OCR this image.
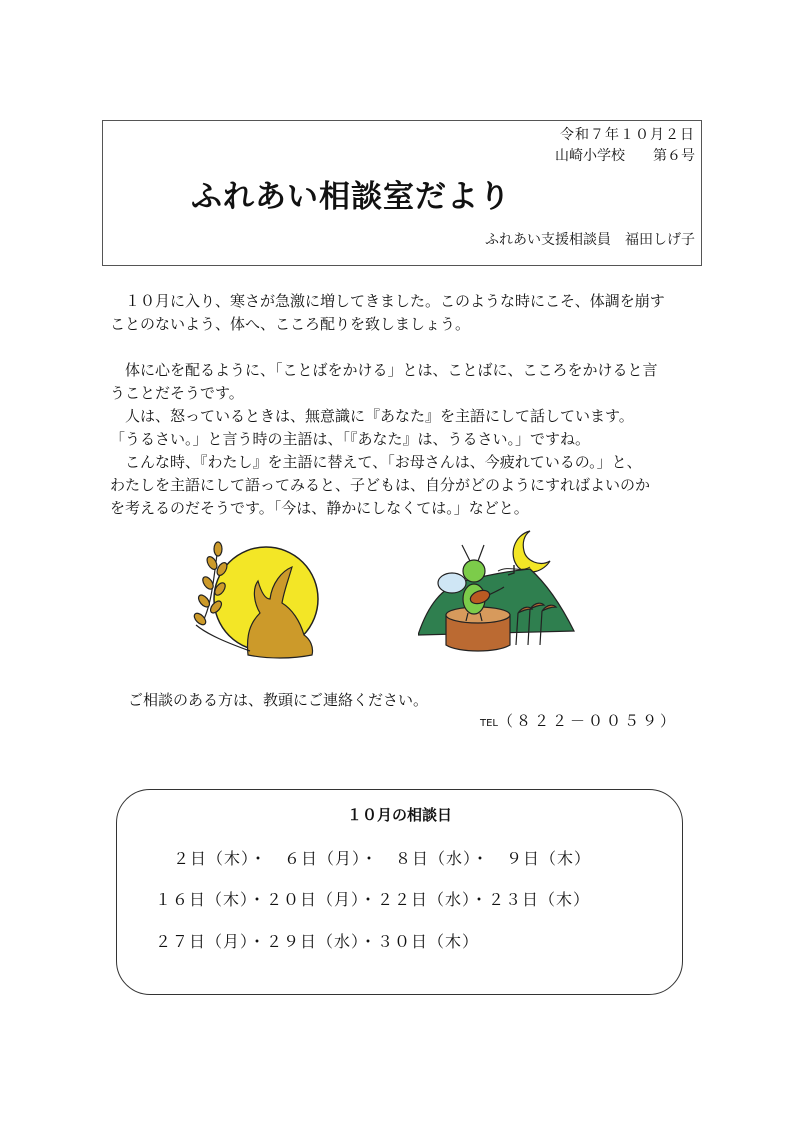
令和７年１０月２日
山崎小学校　　第６号
ふれあい相談室だより
ふれあい支援相談員　福田しげ子

　１０月に入り、寒さが急激に増してきました。このような時にこそ、体調を崩す

ことのないよう、体へ、こころ配りを致しましょう。

　体に心を配るように、「ことばをかける」とは、ことばに、こころをかけると言

うことだそうです。

　人は、怒っているときは、無意識に『あなた』を主語にして話しています。

「うるさい。」と言う時の主語は、「『あなた』は、うるさい。」ですね。

　こんな時、『わたし』を主語に替えて、「お母さんは、今疲れているの。」と、

わたしを主語にして語ってみると、子どもは、自分がどのようにすればよいのか

を考えるのだそうです。「今は、静かにしなくては。」などと。

ご相談のある方は、教頭にご連絡ください。
TEL（８２２－００５９）
１０月の相談日
２日（木）・　６日（月）・　８日（水）・　９日（木）
１６日（木）・２０日（月）・２２日（水）・２３日（木）
２７日（月）・２９日（水）・３０日（木）
